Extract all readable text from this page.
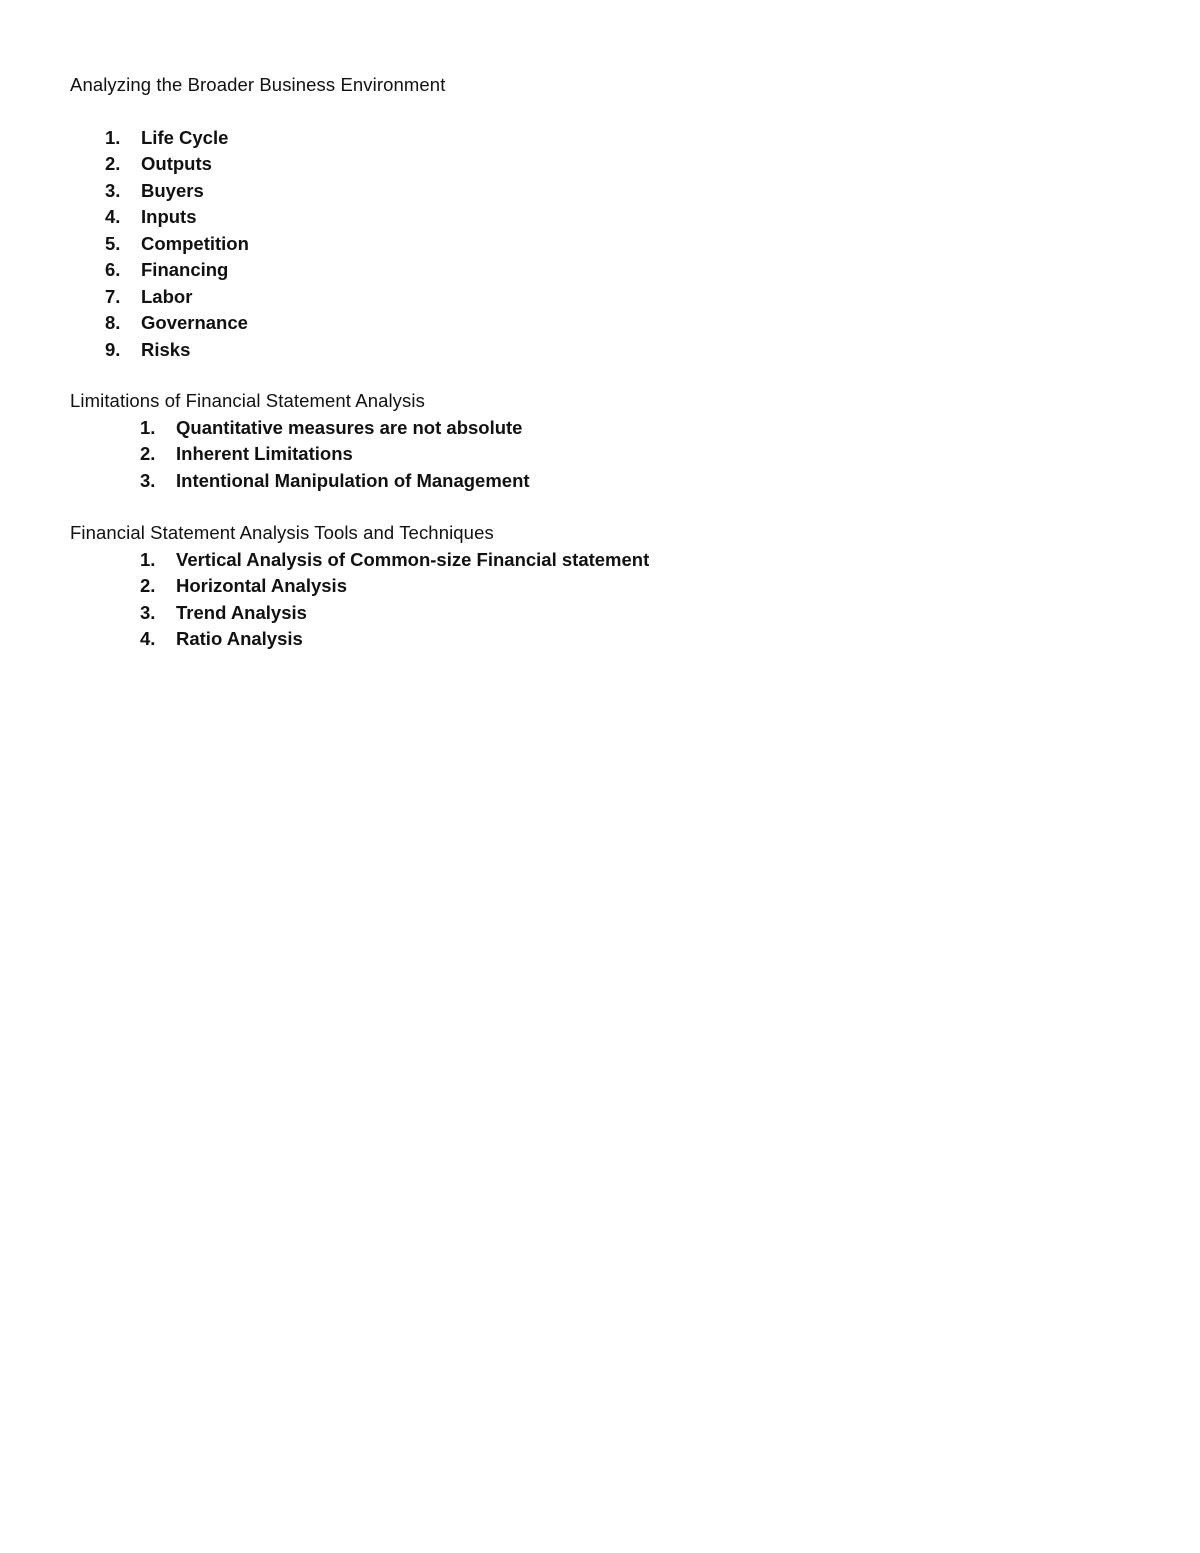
Analyzing the Broader Business Environment
1.	Life Cycle
2.	Outputs
3.	Buyers
4.	Inputs
5.	Competition
6.	Financing
7.	Labor
8.	Governance
9.	Risks
Limitations of Financial Statement Analysis
1.	Quantitative measures are not absolute
2.	Inherent Limitations
3.	Intentional Manipulation of Management
Financial Statement Analysis Tools and Techniques
1.	Vertical Analysis of Common-size Financial statement
2.	Horizontal Analysis
3.	Trend Analysis
4.	Ratio Analysis
